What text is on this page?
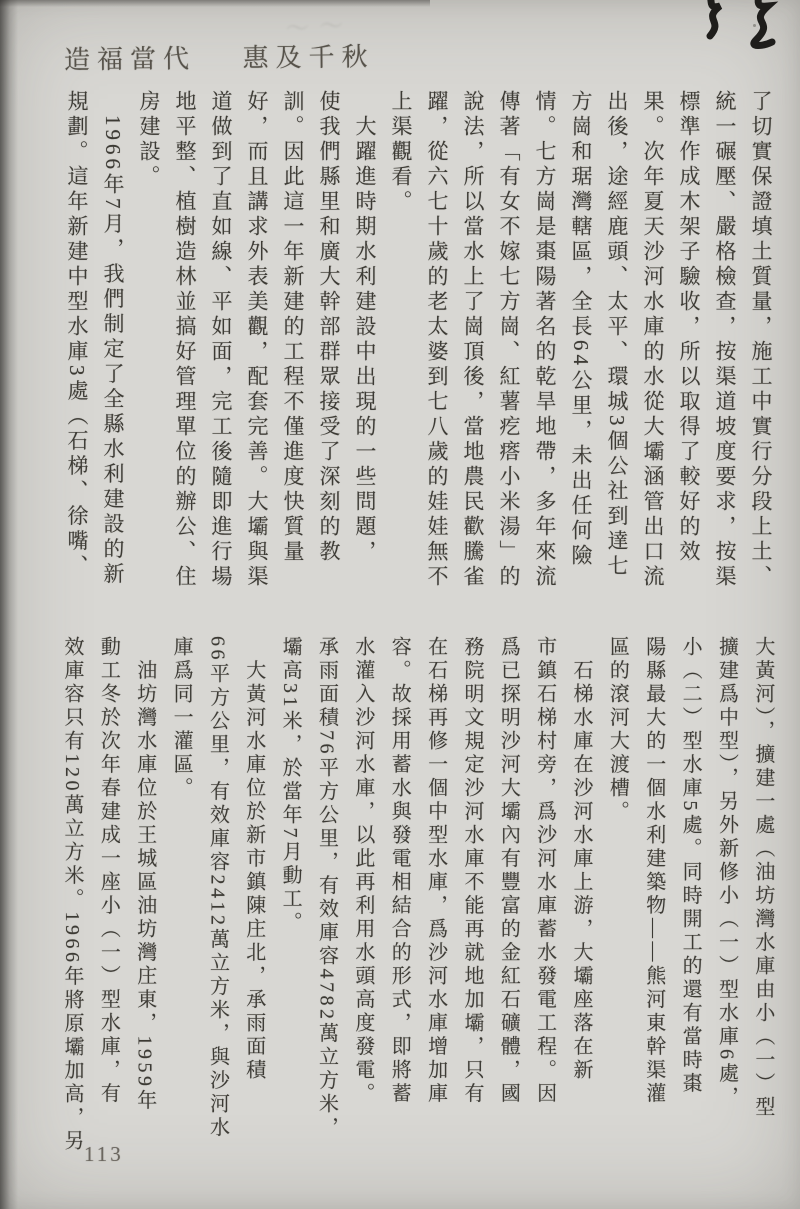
〜〜
造福當代　 惠及千秋
了切實保證填土質量，施工中實行分段上土、
統一碾壓、嚴格檢查，按渠道坡度要求，按渠
標準作成木架子驗收，所以取得了較好的效
果。次年夏天沙河水庫的水從大壩涵管出口流
出後，途經鹿頭、太平、環城3個公社到達七
方崗和琚灣轄區，全長64公里，未出任何險
情。七方崗是棗陽著名的乾旱地帶，多年來流
傳著「有女不嫁七方崗、紅薯疙瘩小米湯」的
說法，所以當水上了崗頂後，當地農民歡騰雀
躍，從六七十歲的老太婆到七八歲的娃娃無不
上渠觀看。
　大躍進時期水利建設中出現的一些問題，
使我們縣里和廣大幹部群眾接受了深刻的教
訓。因此這一年新建的工程不僅進度快質量
好，而且講求外表美觀，配套完善。大壩與渠
道做到了直如線、平如面，完工後隨即進行場
地平整、植樹造林並搞好管理單位的辦公、住
房建設。
　1966年7月，我們制定了全縣水利建設的新
規劃。這年新建中型水庫3處（石梯、徐嘴、
大黃河），擴建一處（油坊灣水庫由小（一）型
擴建爲中型），另外新修小（一）型水庫6處，
小（二）型水庫5處。同時開工的還有當時棗
陽縣最大的一個水利建築物——熊河東幹渠灌
區的滾河大渡槽。
　石梯水庫在沙河水庫上游，大壩座落在新
市鎮石梯村旁，爲沙河水庫蓄水發電工程。因
爲已探明沙河大壩內有豐富的金紅石礦體，國
務院明文規定沙河水庫不能再就地加壩，只有
在石梯再修一個中型水庫，爲沙河水庫增加庫
容。故採用蓄水與發電相結合的形式，即將蓄
水灌入沙河水庫，以此再利用水頭高度發電。
承雨面積76平方公里，有效庫容4782萬立方米，
壩高31米，於當年7月動工。
　大黃河水庫位於新市鎮陳庄北，承雨面積
66平方公里，有效庫容2412萬立方米，與沙河水
庫爲同一灌區。
　油坊灣水庫位於王城區油坊灣庄東，1959年
動工冬於次年春建成一座小（一）型水庫，有
效庫容只有120萬立方米。1966年將原壩加高，另
113
